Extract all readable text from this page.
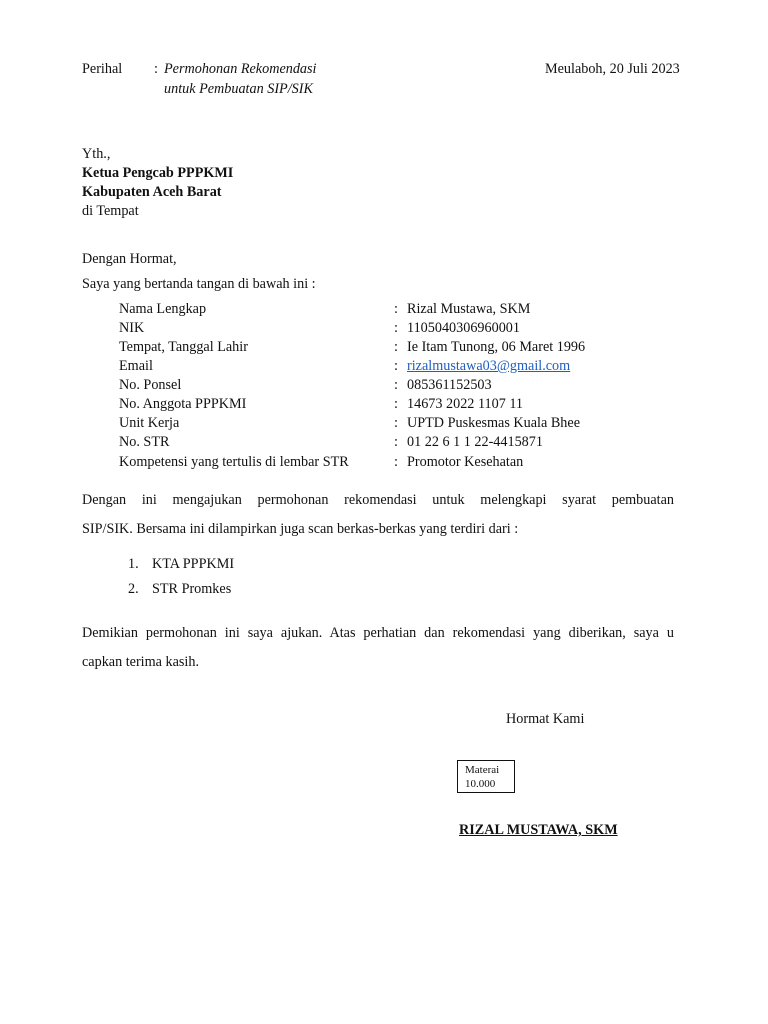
Perihal : Permohonan Rekomendasi
untuk Pembuatan SIP/SIK
Meulaboh, 20 Juli 2023
Yth.,
Ketua Pengcab PPPKMI
Kabupaten Aceh Barat
di Tempat
Dengan Hormat,
Saya yang bertanda tangan di bawah ini :
Nama Lengkap	: Rizal Mustawa, SKM
NIK	: 1105040306960001
Tempat, Tanggal Lahir	: Ie Itam Tunong, 06 Maret 1996
Email	: rizalmustawa03@gmail.com
No. Ponsel	: 085361152503
No. Anggota PPPKMI	: 14673 2022 1107 11
Unit Kerja	: UPTD Puskesmas Kuala Bhee
No. STR	: 01 22 6 1 1 22-4415871
Kompetensi yang tertulis di lembar STR	: Promotor Kesehatan
Dengan ini mengajukan permohonan rekomendasi untuk melengkapi syarat pembuatan
SIP/SIK. Bersama ini dilampirkan juga scan berkas-berkas yang terdiri dari :
1. KTA PPPKMI
2. STR Promkes
Demikian permohonan ini saya ajukan. Atas perhatian dan rekomendasi yang diberikan, saya u
capkan terima kasih.
Hormat Kami
Materai
10.000
RIZAL MUSTAWA, SKM
